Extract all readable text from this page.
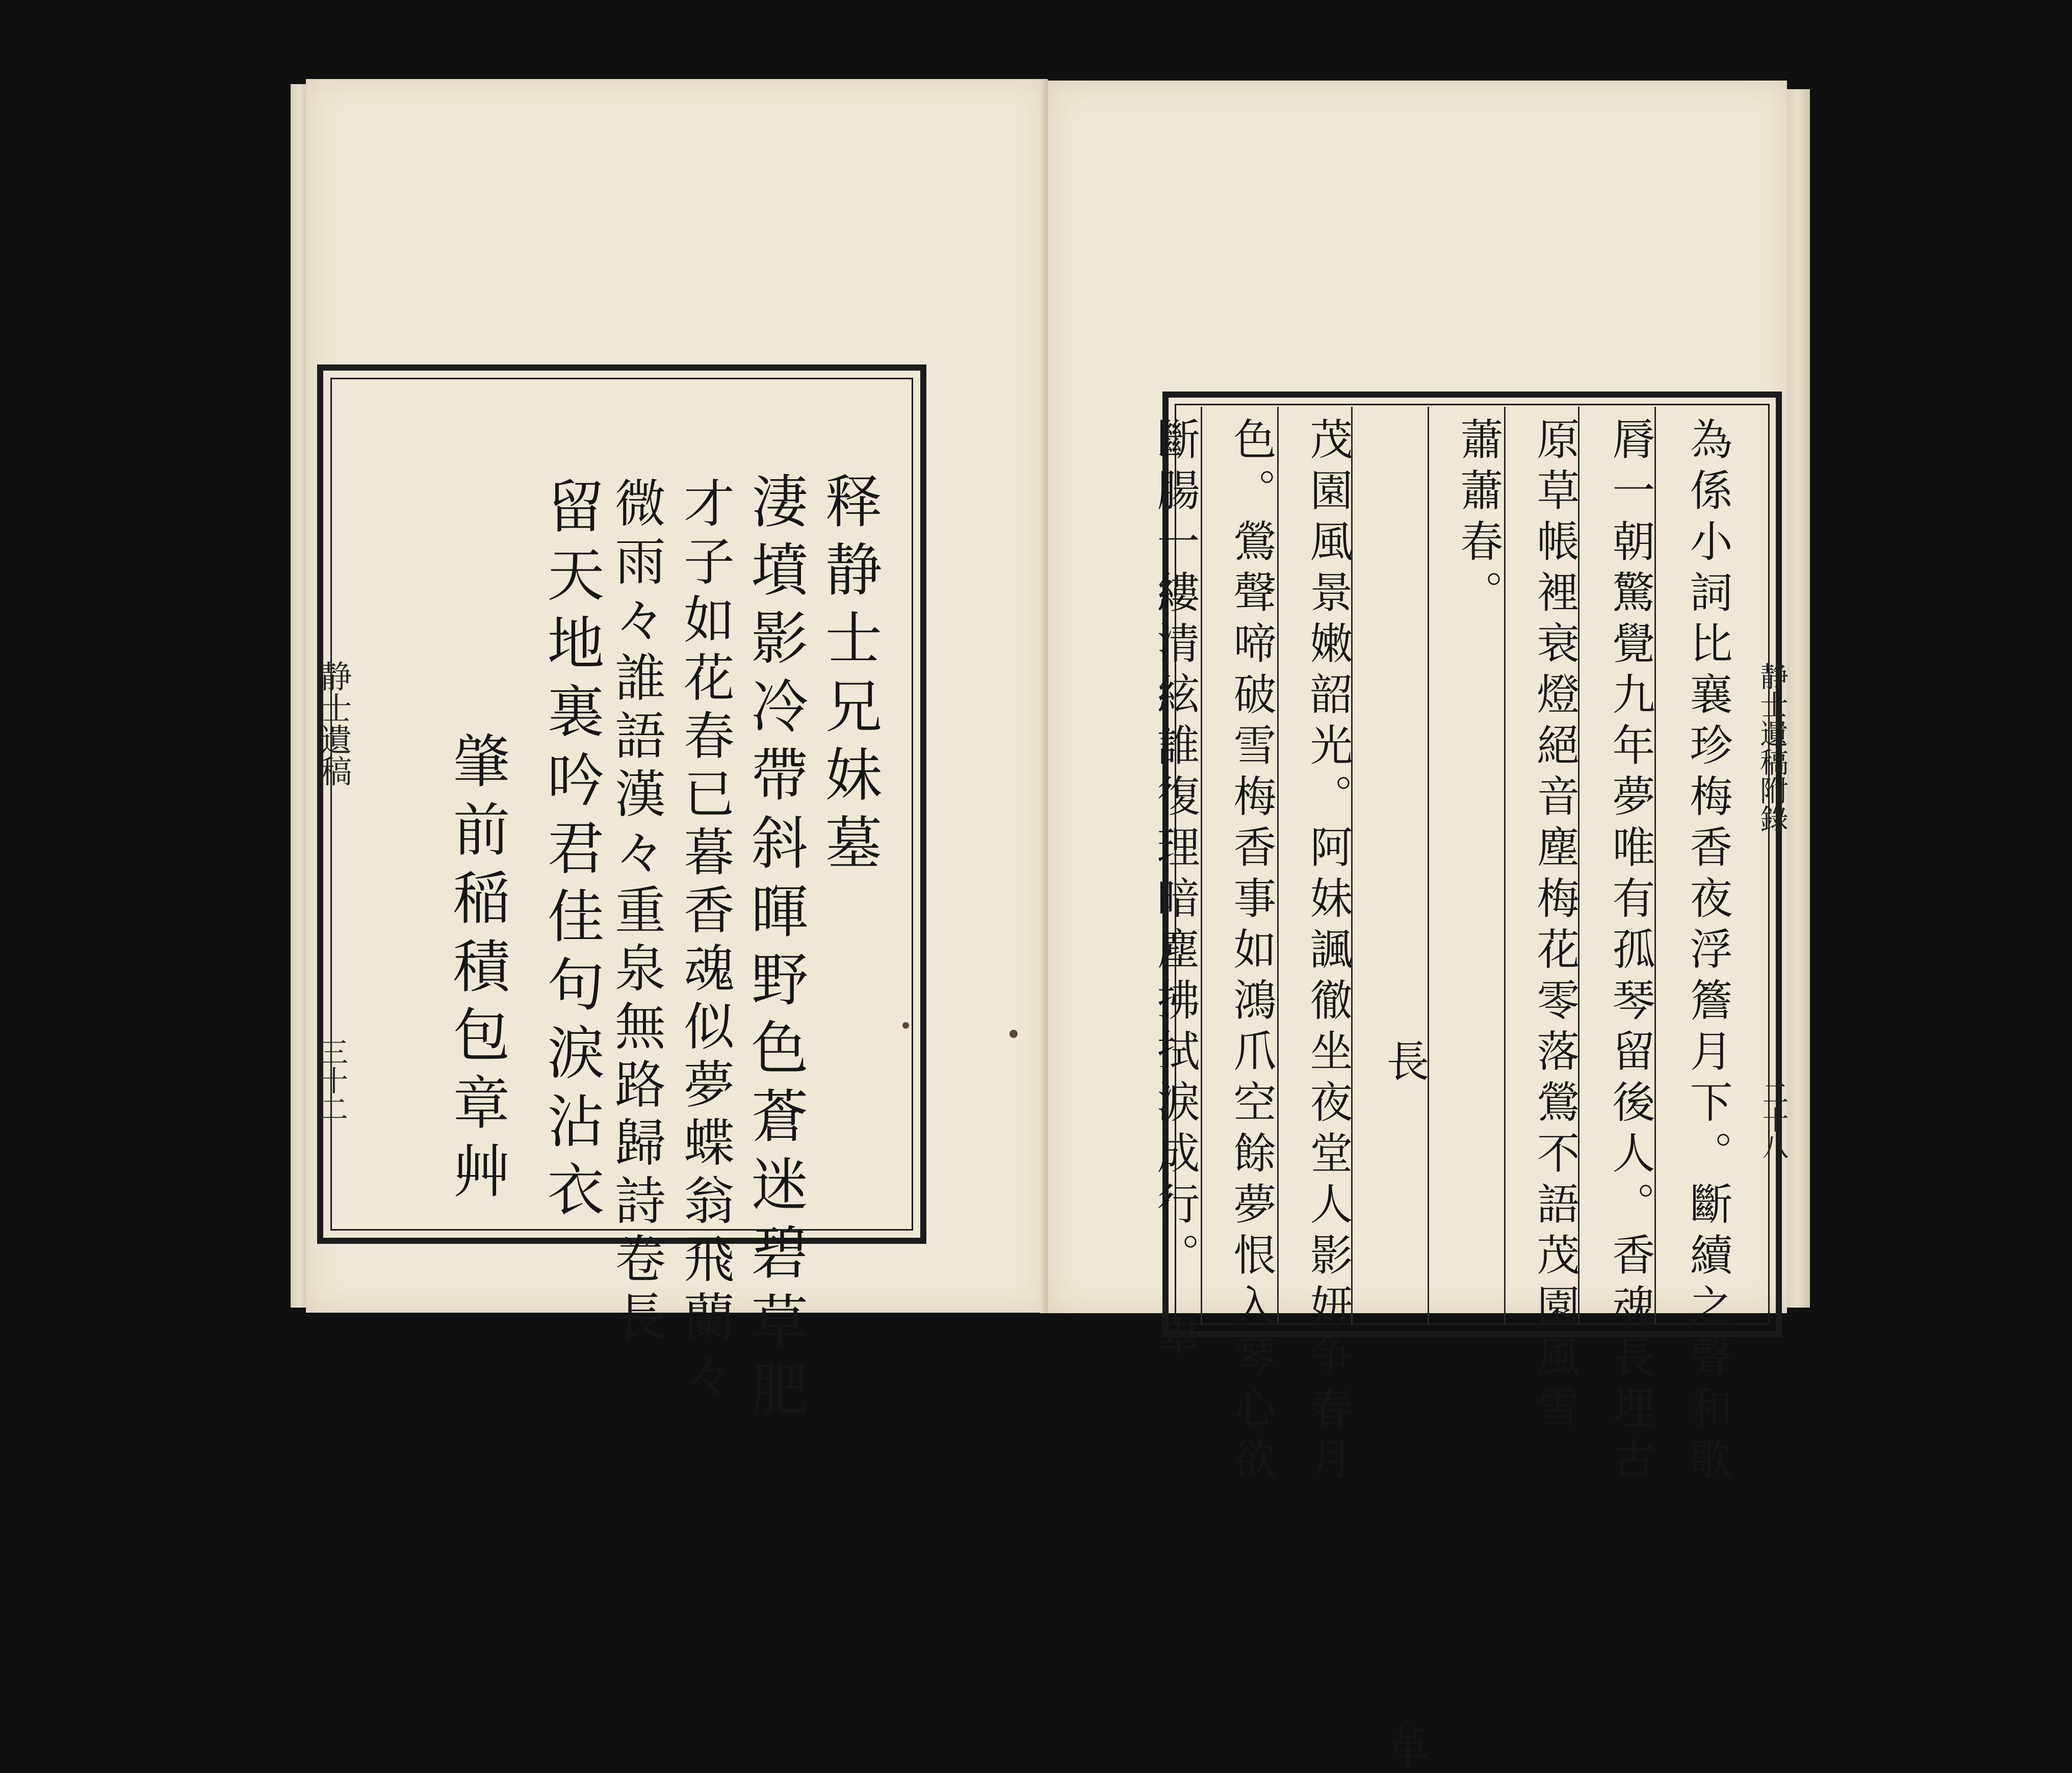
释静士兄妹墓
淒墳影冷帶斜暉野色蒼迷碧草肥
才子如花春已暮香魂似夢蝶翁飛蘭々
微雨々誰語漢々重泉無路歸詩卷長
留天地裏吟君佳句淚沾衣
肇前稲積包章艸
静士遺稿
三十二	為係小詞比襄珍梅香夜浮簷月下。斷續之聲和歌
脣一朝驚覺九年夢唯有孤琴留後人。香魂長埋古
原草帳裡衰燈絕音塵梅花零落鶯不語茂園風雪
蕭蕭春。
長　　　　　　　　　　　　　革
茂園風景嫩韶光。阿妹諷徹坐夜堂人影妍争春月
色。鶯聲啼破雪梅香事如鴻爪空餘夢恨入琴心欲
斷腸一縷清絃誰復理暗塵拂拭淚成行。　畢	静士遺稿附錄
二十八
